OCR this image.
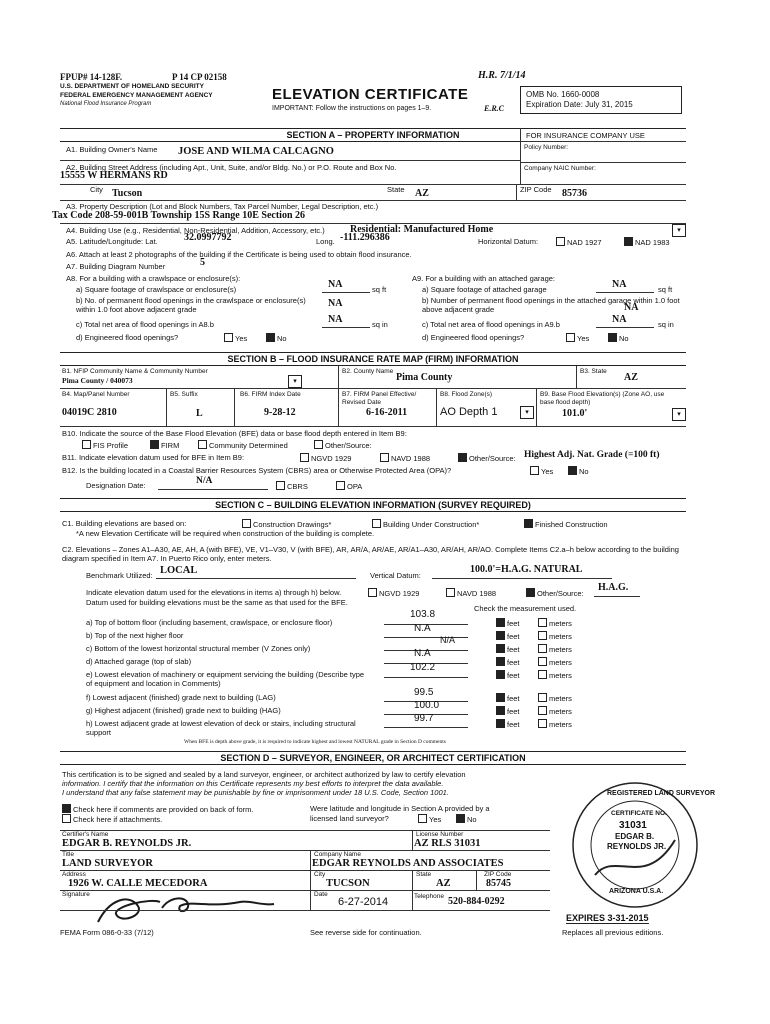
FPUP# 14-128F.	P 14 CP 02158
U.S. DEPARTMENT OF HOMELAND SECURITY
FEDERAL EMERGENCY MANAGEMENT AGENCY
National Flood Insurance Program
ELEVATION CERTIFICATE
H.R. 7/1/14
E.R.C
IMPORTANT: Follow the instructions on pages 1–9.
OMB No. 1660-0008
Expiration Date: July 31, 2015
SECTION A – PROPERTY INFORMATION	FOR INSURANCE COMPANY USE
Policy Number:
Company NAIC Number:
A1. Building Owner's Name JOSE AND WILMA CALCAGNO
A2. Building Street Address (including Apt., Unit, Suite, and/or Bldg. No.) or P.O. Route and Box No.
15555 W HERMANS RD
City Tucson	State AZ	ZIP Code 85736
A3. Property Description (Lot and Block Numbers, Tax Parcel Number, Legal Description, etc.)
Tax Code 208-59-001B Township 15S Range 10E Section 26
A4. Building Use (e.g., Residential, Non-Residential, Addition, Accessory, etc.)	Residential: Manufactured Home	▾
A5. Latitude/Longitude: Lat.	32.0997792	Long. -111.296386	Horizontal Datum:	NAD 1927	NAD 1983
A6. Attach at least 2 photographs of the building if the Certificate is being used to obtain flood insurance.
A7. Building Diagram Number	5
A8. For a building with a crawlspace or enclosure(s):
a) Square footage of crawlspace or enclosure(s)	NA	sq ft
b) No. of permanent flood openings in the crawlspace or enclosure(s) within 1.0 foot above adjacent grade
NA
c) Total net area of flood openings in A8.b	NA	sq in
d) Engineered flood openings?	Yes	No
A9. For a building with an attached garage:
a) Square footage of attached garage	NA	sq ft
b) Number of permanent flood openings in the attached garage within 1.0 foot above adjacent grade	NA
c) Total net area of flood openings in A9.b	NA	sq in
d) Engineered flood openings?	Yes	No
SECTION B – FLOOD INSURANCE RATE MAP (FIRM) INFORMATION
B1. NFIP Community Name & Community Number
Pima County / 040073	▾
B2. County Name
Pima County
B3. State
AZ
B4. Map/Panel Number
04019C 2810
B5. Suffix
L
B6. FIRM Index Date
9-28-12
B7. FIRM Panel Effective/ Revised Date
6-16-2011
B8. Flood Zone(s)
AO Depth 1	▾
B9. Base Flood Elevation(s) (Zone AO, use base flood depth)
101.0'	▾
B10. Indicate the source of the Base Flood Elevation (BFE) data or base flood depth entered in Item B9:
FIS Profile	FIRM	Community Determined	Other/Source:
B11. Indicate elevation datum used for BFE in Item B9:	NGVD 1929	NAVD 1988	Other/Source: Highest Adj. Nat. Grade (=100 ft)
B12. Is the building located in a Coastal Barrier Resources System (CBRS) area or Otherwise Protected Area (OPA)?	Yes	No
Designation Date:	N/A
CBRS	OPA
SECTION C – BUILDING ELEVATION INFORMATION (SURVEY REQUIRED)
C1. Building elevations are based on:	Construction Drawings*	Building Under Construction*	Finished Construction
*A new Elevation Certificate will be required when construction of the building is complete.
C2. Elevations – Zones A1–A30, AE, AH, A (with BFE), VE, V1–V30, V (with BFE), AR, AR/A, AR/AE, AR/A1–A30, AR/AH, AR/AO. Complete Items C2.a–h below according to the building diagram specified in Item A7. In Puerto Rico only, enter meters.
Benchmark Utilized: LOCAL	Vertical Datum:
100.0'=H.A.G. NATURAL
Indicate elevation datum used for the elevations in items a) through h) below.	NGVD 1929	NAVD 1988	Other/Source:
H.A.G.
Datum used for building elevations must be the same as that used for the BFE.
Check the measurement used.
a) Top of bottom floor (including basement, crawlspace, or enclosure floor)
103.8
b) Top of the next higher floor
N.A
c) Bottom of the lowest horizontal structural member (V Zones only)
N/A
d) Attached garage (top of slab)
N.A
e) Lowest elevation of machinery or equipment servicing the building (Describe type of equipment and location in Comments)
102.2
f) Lowest adjacent (finished) grade next to building (LAG)	99.5
g) Highest adjacent (finished) grade next to building (HAG)	100.0
h) Lowest adjacent grade at lowest elevation of deck or stairs, including structural support
99.7
feet	meters
feet	meters
feet	meters
feet	meters
feet	meters
feet	meters
feet	meters
feet	meters
When BFE is depth above grade, it is required to indicate highest and lowest NATURAL grade in Section D comments
SECTION D – SURVEYOR, ENGINEER, OR ARCHITECT CERTIFICATION
This certification is to be signed and sealed by a land surveyor, engineer, or architect authorized by law to certify elevation
information. I certify that the information on this Certificate represents my best efforts to interpret the data available.
I understand that any false statement may be punishable by fine or imprisonment under 18 U.S. Code, Section 1001.
Check here if comments are provided on back of form.
Check here if attachments.
Were latitude and longitude in Section A provided by a licensed land surveyor?	Yes	No
Certifier's Name
EDGAR B. REYNOLDS JR.
License Number
AZ RLS 31031
Title
LAND SURVEYOR
Company Name
EDGAR REYNOLDS AND ASSOCIATES
Address
1926 W. CALLE MECEDORA
City
TUCSON
State
AZ
ZIP Code
85745
Signature	Date
6-27-2014	Telephone 520-884-0292
REGISTERED LAND SURVEYOR
CERTIFICATE NO.
31031
EDGAR B.
REYNOLDS JR.
ARIZONA U.S.A.
EXPIRES 3-31-2015
FEMA Form 086-0-33 (7/12)	See reverse side for continuation.	Replaces all previous editions.
